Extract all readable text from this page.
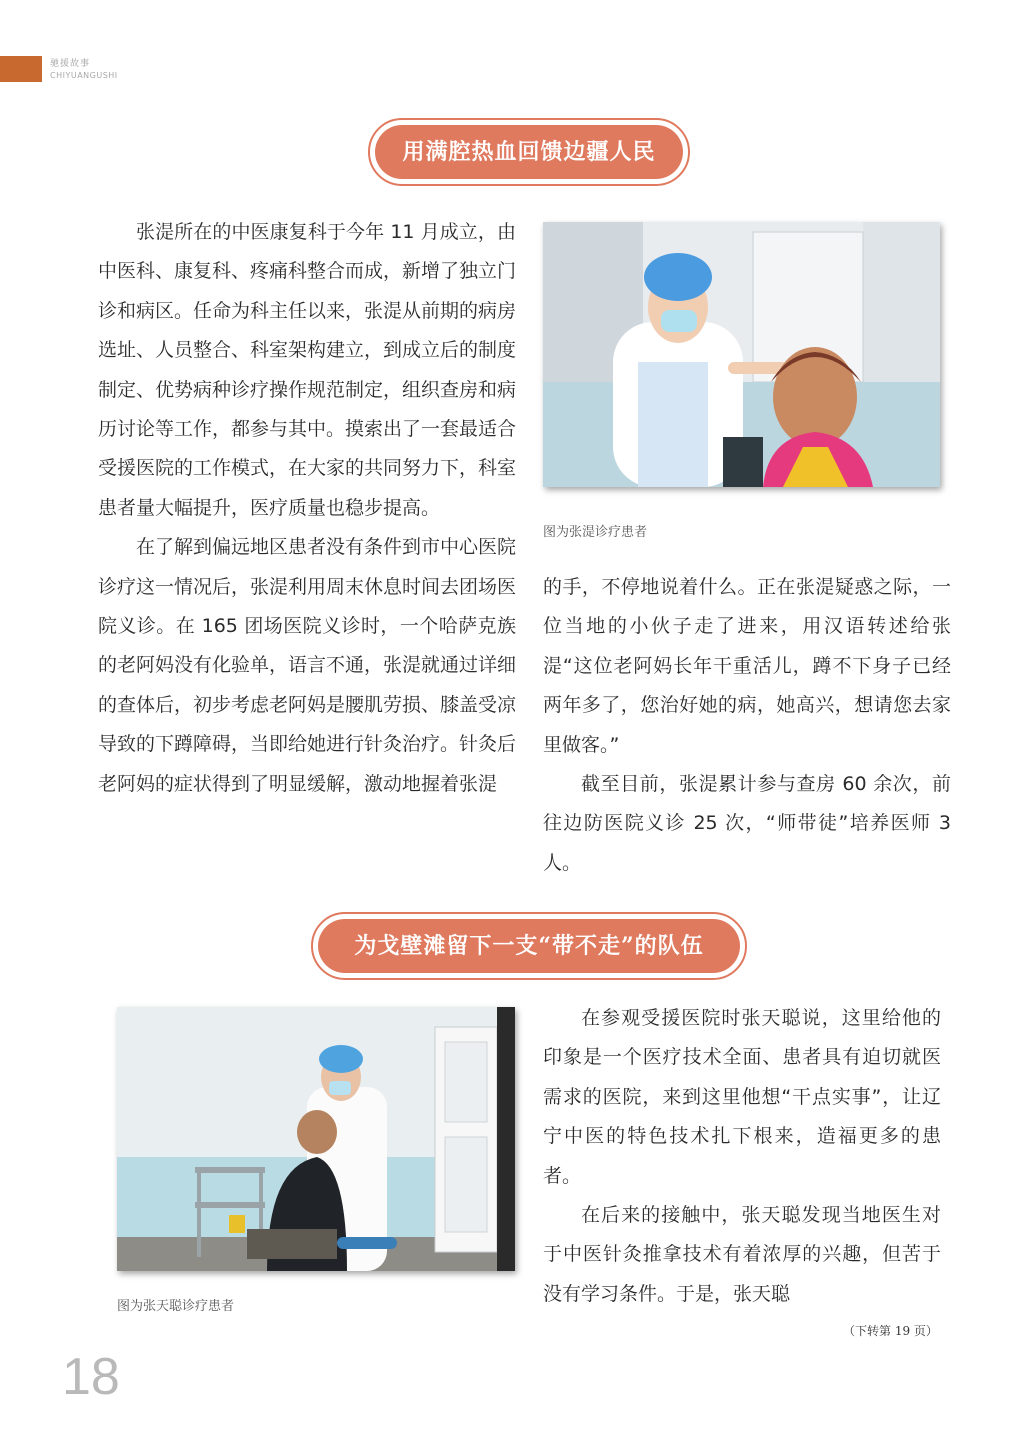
驰援故事
CHIYUANGUSHI
用满腔热血回馈边疆人民

张湜所在的中医康复科于今年 11 月成立，由中医科、康复科、疼痛科整合而成，新增了独立门诊和病区。任命为科主任以来，张湜从前期的病房选址、人员整合、科室架构建立，到成立后的制度制定、优势病种诊疗操作规范制定，组织查房和病历讨论等工作，都参与其中。摸索出了一套最适合受援医院的工作模式，在大家的共同努力下，科室患者量大幅提升，医疗质量也稳步提高。

在了解到偏远地区患者没有条件到市中心医院诊疗这一情况后，张湜利用周末休息时间去团场医院义诊。在 165 团场医院义诊时，一个哈萨克族的老阿妈没有化验单，语言不通，张湜就通过详细的查体后，初步考虑老阿妈是腰肌劳损、膝盖受凉导致的下蹲障碍，当即给她进行针灸治疗。针灸后老阿妈的症状得到了明显缓解，激动地握着张湜

图为张湜诊疗患者

的手，不停地说着什么。正在张湜疑惑之际，一位当地的小伙子走了进来，用汉语转述给张湜“这位老阿妈长年干重活儿，蹲不下身子已经两年多了，您治好她的病，她高兴，想请您去家里做客。”

截至目前，张湜累计参与查房 60 余次，前往边防医院义诊 25 次，“师带徒”培养医师 3 人。

为戈壁滩留下一支“带不走”的队伍
图为张天聪诊疗患者

在参观受援医院时张天聪说，这里给他的印象是一个医疗技术全面、患者具有迫切就医需求的医院，来到这里他想“干点实事”，让辽宁中医的特色技术扎下根来，造福更多的患者。

在后来的接触中，张天聪发现当地医生对于中医针灸推拿技术有着浓厚的兴趣，但苦于没有学习条件。于是，张天聪

（下转第 19 页）
18
